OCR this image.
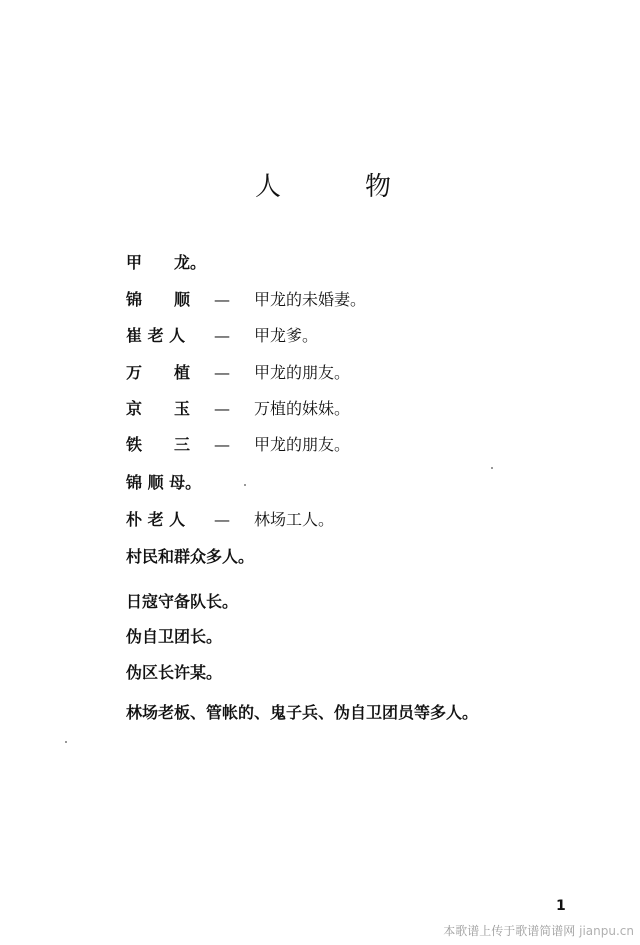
人	物
甲　　龙。
锦　　顺 — 甲龙的未婚妻。
崔 老 人 — 甲龙爹。
万　　植 — 甲龙的朋友。
京　　玉 — 万植的妹妹。
铁　　三 — 甲龙的朋友。
锦 顺 母。
朴 老 人 — 林场工人。
村民和群众多人。
日寇守备队长。
伪自卫团长。
伪区长许某。
林场老板、管帐的、鬼子兵、伪自卫团员等多人。
1
本歌谱上传于歌谱简谱网 jianpu.cn
